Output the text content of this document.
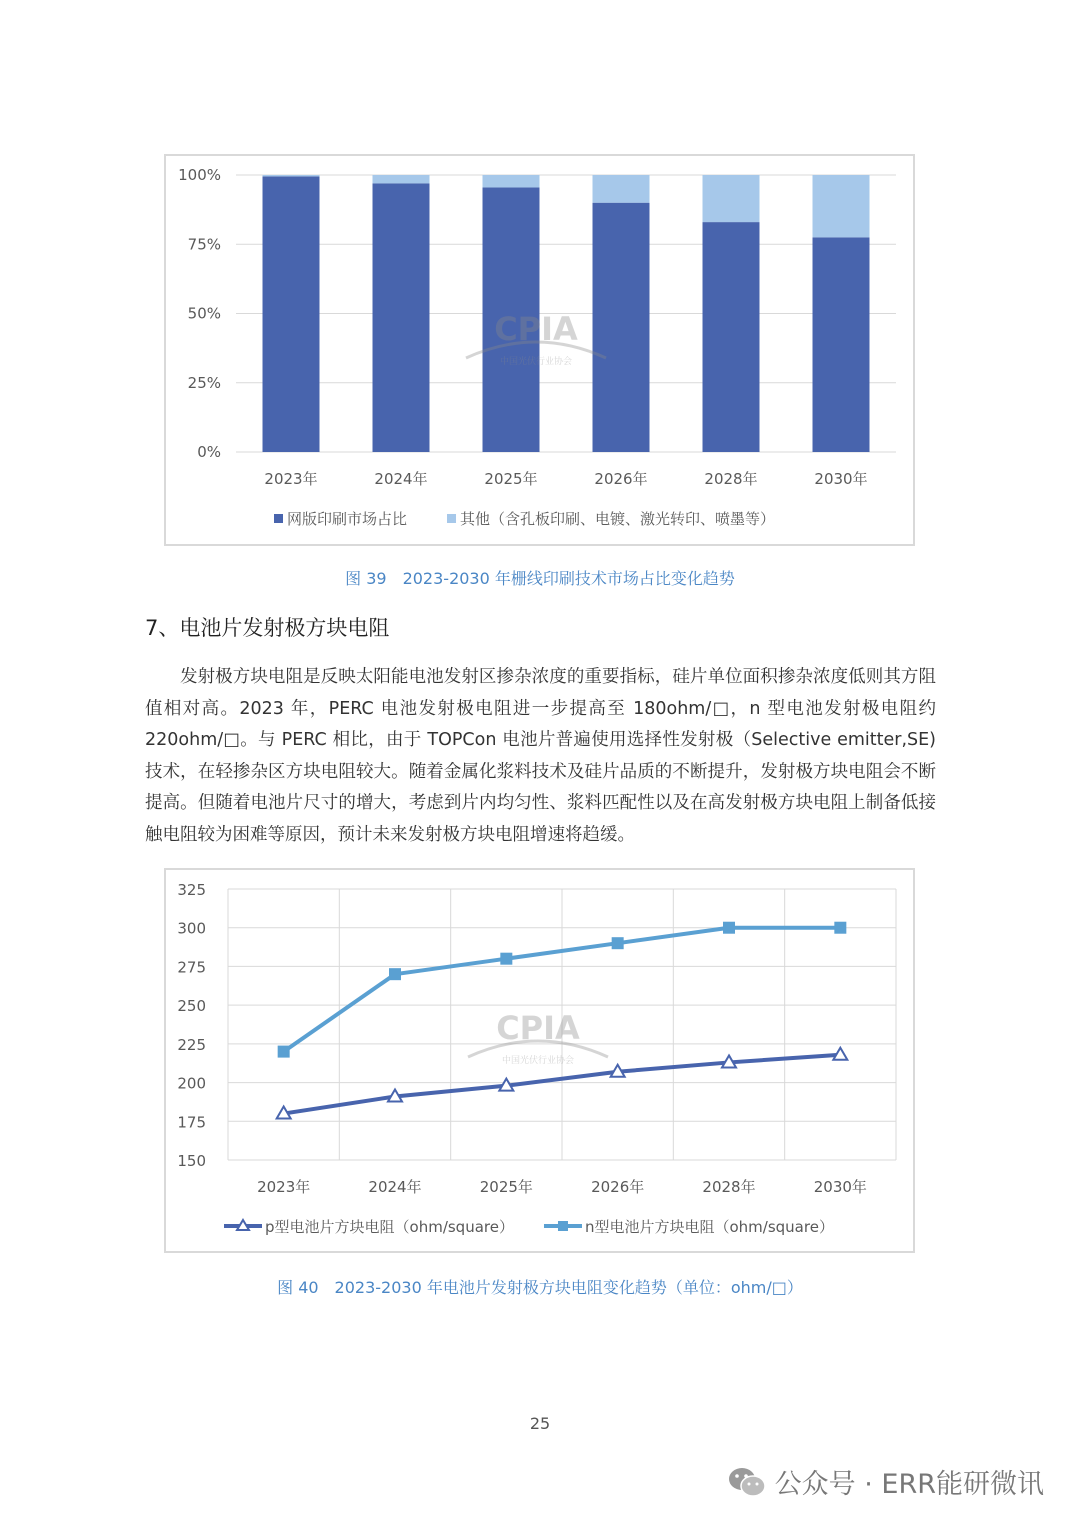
0%
25%
50%
75%
100%
2023年	2024年	2025年	2026年	2028年	2030年
CPIA
中国光伏行业协会
网版印刷市场占比	其他（含孔板印刷、电镀、激光转印、喷墨等）
图 39　2023-2030 年栅线印刷技术市场占比变化趋势
7、电池片发射极方块电阻

发射极方块电阻是反映太阳能电池发射区掺杂浓度的重要指标，硅片单位面积掺杂浓度低则其方阻值相对高。2023 年，PERC 电池发射极电阻进一步提高至 180ohm/□，n 型电池发射极电阻约 220ohm/□。与 PERC 相比，由于 TOPCon 电池片普遍使用选择性发射极（Selective emitter,SE)技术，在轻掺杂区方块电阻较大。随着金属化浆料技术及硅片品质的不断提升，发射极方块电阻会不断提高。但随着电池片尺寸的增大，考虑到片内均匀性、浆料匹配性以及在高发射极方块电阻上制备低接触电阻较为困难等原因，预计未来发射极方块电阻增速将趋缓。

150
175
200
225
250
275
300
325
2023年	2024年	2025年	2026年	2028年	2030年
CPIA
中国光伏行业协会
p型电池片方块电阻（ohm/square）	n型电池片方块电阻（ohm/square）
图 40　2023-2030 年电池片发射极方块电阻变化趋势（单位：ohm/□）
25
公众号 · ERR能研微讯
